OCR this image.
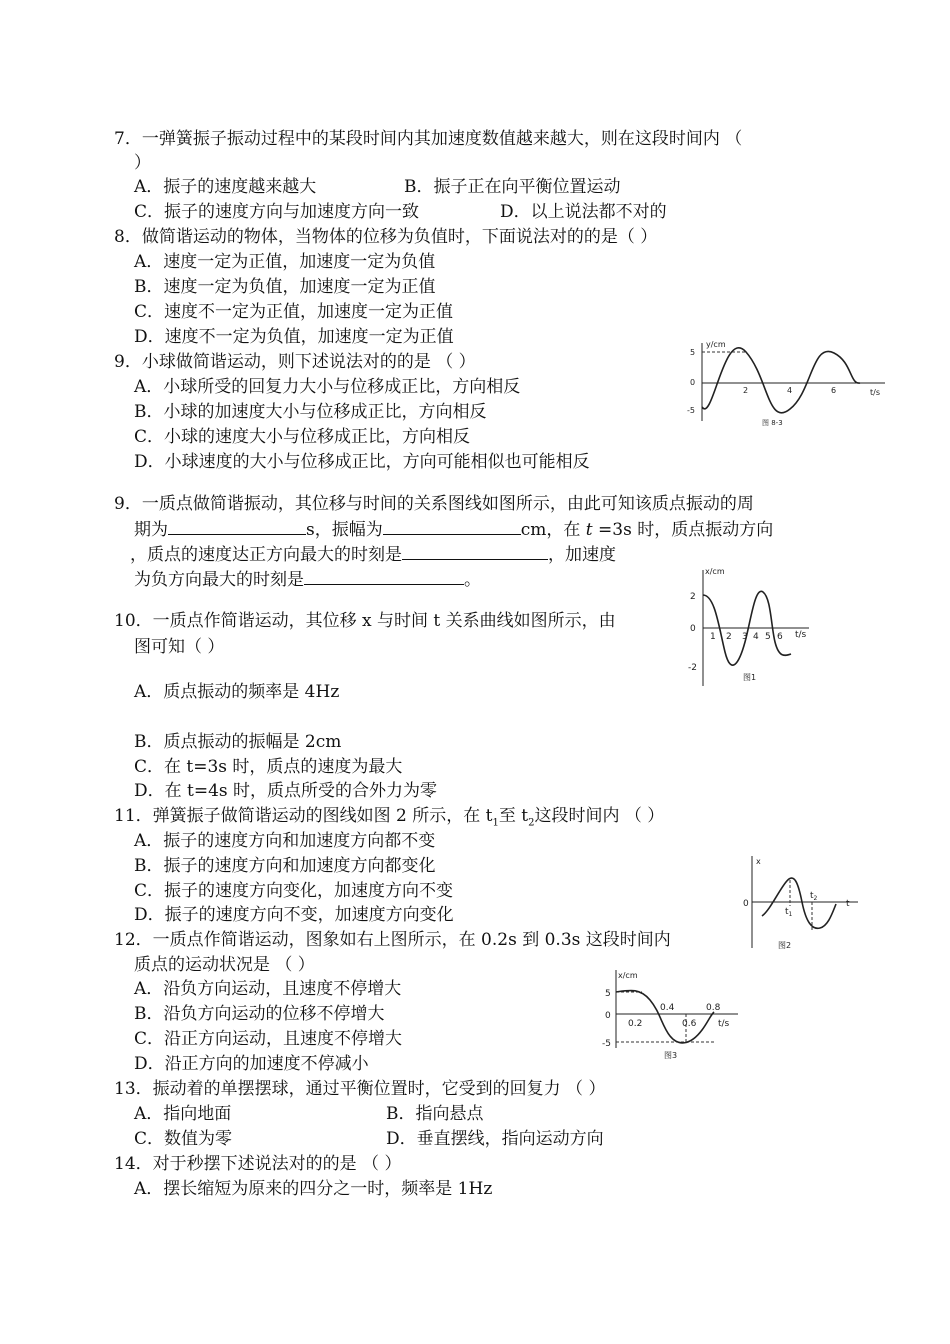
7．一弹簧振子振动过程中的某段时间内其加速度数值越来越大，则在这段时间内 （
）
A．振子的速度越来越大	B．振子正在向平衡位置运动
C．振子的速度方向与加速度方向一致	D．以上说法都不对的
8．做简谐运动的物体，当物体的位移为负值时，下面说法对的的是（ ）
A．速度一定为正值，加速度一定为负值
B．速度一定为负值，加速度一定为正值
C．速度不一定为正值，加速度一定为正值
D．速度不一定为负值，加速度一定为正值
9．小球做简谐运动，则下述说法对的的是 （ ）
A．小球所受的回复力大小与位移成正比，方向相反
B．小球的加速度大小与位移成正比，方向相反
C．小球的速度大小与位移成正比，方向相反
D．小球速度的大小与位移成正比，方向可能相似也可能相反
y/cm
5
0
-5
2	4	6	t/s
图 8-3
9．一质点做简谐振动，其位移与时间的关系图线如图所示，由此可知该质点振动的周
期为	s，振幅为	cm，在 t =3s 时，质点振动方向
，质点的速度达正方向最大的时刻是	，加速度
为负方向最大的时刻是	。	x/cm
2
0
-2
1 2 3 4 5 6 t/s
图1
10．一质点作简谐运动，其位移 x 与时间 t 关系曲线如图所示，由
图可知（ ）
A．质点振动的频率是 4Hz
B．质点振动的振幅是 2cm
C．在 t=3s 时，质点的速度为最大
D．在 t=4s 时，质点所受的合外力为零
11．弹簧振子做简谐运动的图线如图 2 所示，在 $t_1$至 $t_2$这段时间内 （ ）
A．振子的速度方向和加速度方向都不变
B．振子的速度方向和加速度方向都变化
C．振子的速度方向变化，加速度方向不变
D．振子的速度方向不变，加速度方向变化
x
0
$t_1$
$t_2$
t
图2
12．一质点作简谐运动，图象如右上图所示，在 0.2s 到 0.3s 这段时间内
质点的运动状况是 （ ）
A．沿负方向运动，且速度不停增大
B．沿负方向运动的位移不停增大
C．沿正方向运动，且速度不停增大
D．沿正方向的加速度不停减小
x/cm
5
0
-5
0.2	0.6
0.4	0.8
t/s
图3
13．振动着的单摆摆球，通过平衡位置时，它受到的回复力 （ ）
A．指向地面	B．指向悬点
C．数值为零	D．垂直摆线，指向运动方向
14．对于秒摆下述说法对的的是 （ ）
A．摆长缩短为原来的四分之一时，频率是 1Hz
